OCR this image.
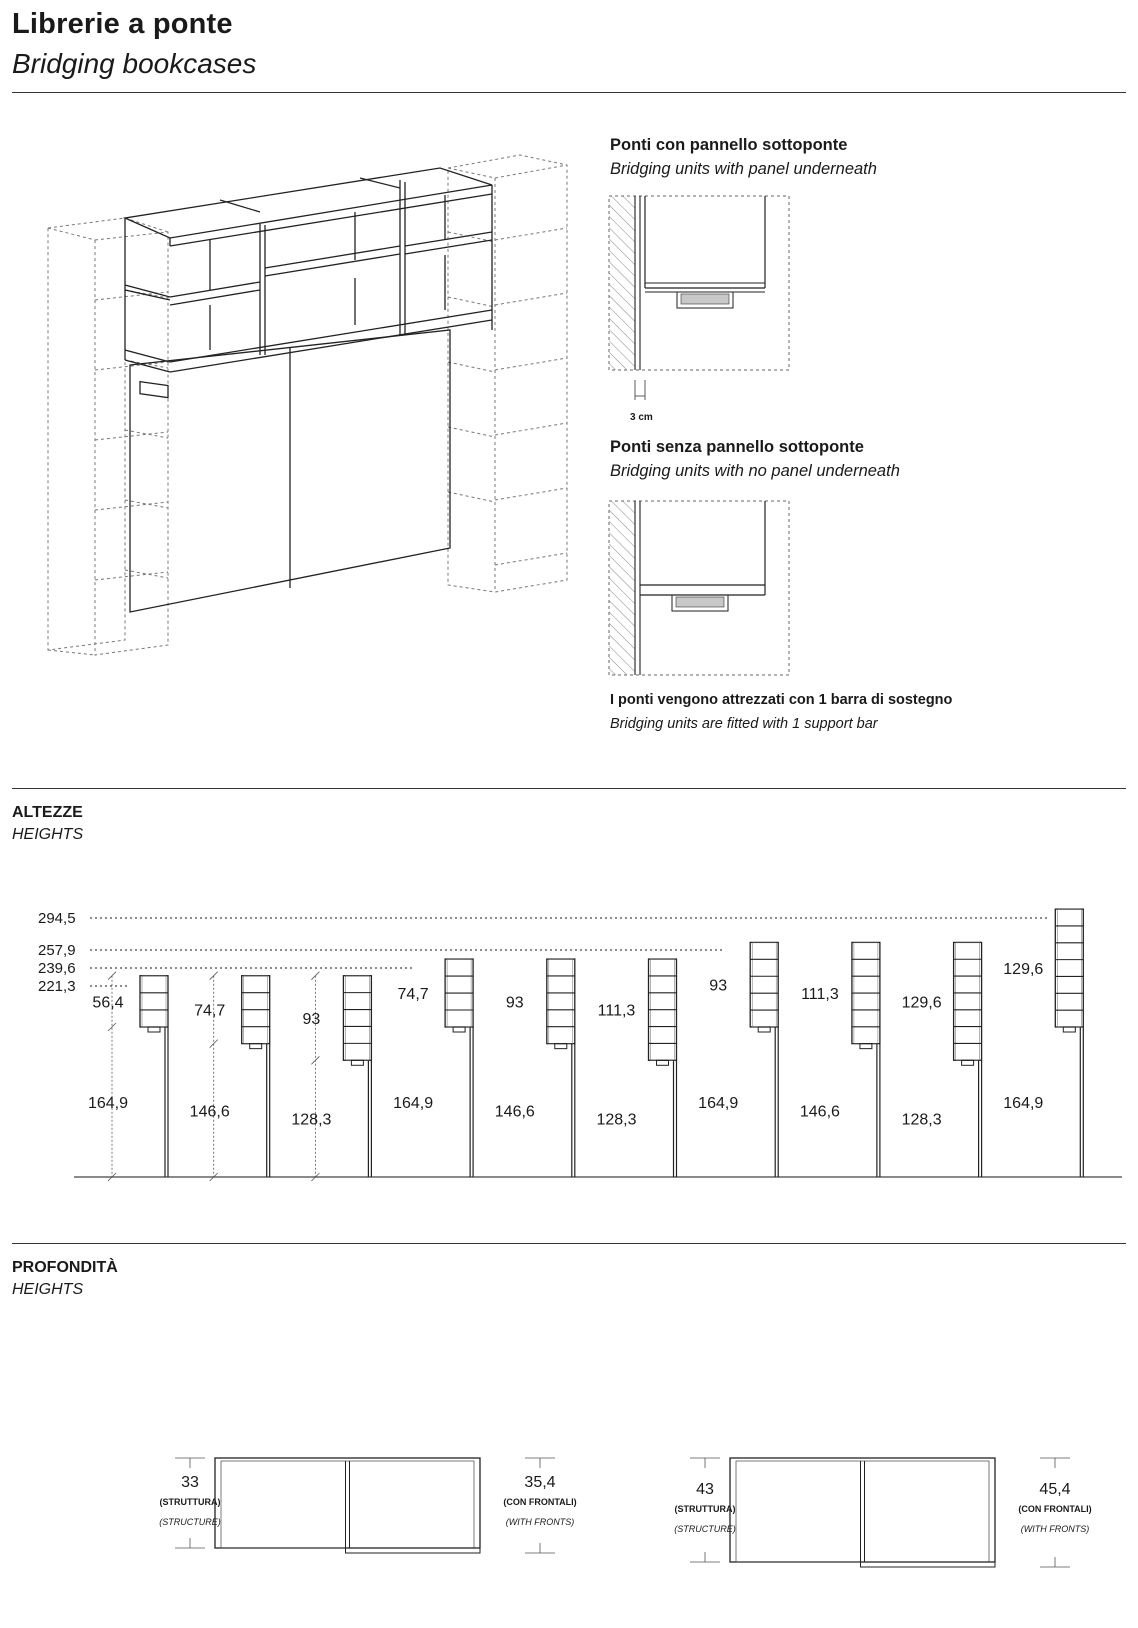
Librerie a ponte
Bridging bookcases
Ponti con pannello sottoponte
Bridging units with panel underneath
3 cm
Ponti senza pannello sottoponte
Bridging units with no panel underneath
I ponti vengono attrezzati con 1 barra di sostegno
Bridging units are fitted with 1 support bar
ALTEZZE
HEIGHTS
294,5
257,9
239,6
221,3
56,4
164,9
74,7
146,6
93
128,3
74,7
164,9
93
146,6
111,3
128,3
93
164,9
111,3
146,6
129,6
128,3
129,6
164,9
PROFONDITÀ
HEIGHTS
33
(STRUTTURA)
(STRUCTURE)
35,4
(CON FRONTALI)
(WITH FRONTS)
43
(STRUTTURA)
(STRUCTURE)
45,4
(CON FRONTALI)
(WITH FRONTS)
